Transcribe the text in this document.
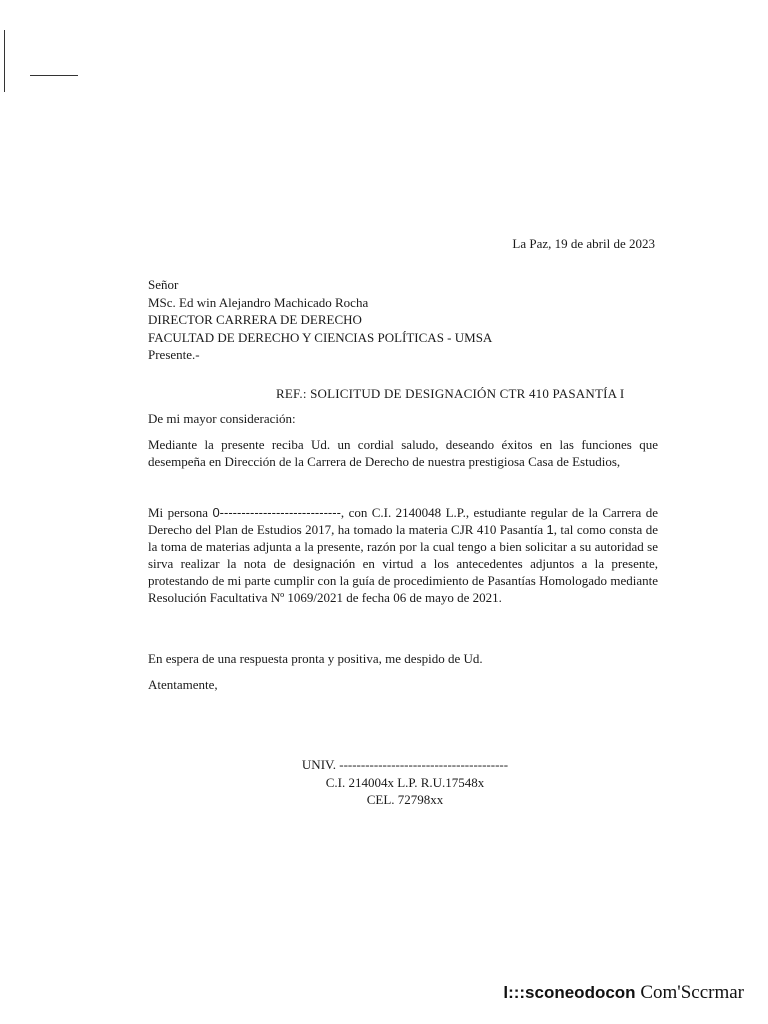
La Paz, 19 de abril de 2023
Señor
MSc. Ed win Alejandro Machicado Rocha
DIRECTOR CARRERA DE DERECHO
FACULTAD DE DERECHO Y CIENCIAS POLÍTICAS - UMSA
Presente.-
REF.: SOLICITUD DE DESIGNACIÓN CTR 410 PASANTÍA I
De mi mayor consideración:
Mediante la presente reciba Ud. un cordial saludo, deseando éxitos en las funciones que desempeña en Dirección de la Carrera de Derecho de nuestra prestigiosa Casa de Estudios,
Mi persona 0----------------------------, con C.I. 2140048 L.P., estudiante regular de la Carrera de Derecho del Plan de Estudios 2017, ha tomado la materia CJR 410 Pasantía 1, tal como consta de la toma de materias adjunta a la presente, razón por la cual tengo a bien solicitar a su autoridad se sirva realizar la nota de designación en virtud a los antecedentes adjuntos a la presente, protestando de mi parte cumplir con la guía de procedimiento de Pasantías Homologado mediante Resolución Facultativa Nº 1069/2021 de fecha 06 de mayo de 2021.
En espera de una respuesta pronta y positiva, me despido de Ud.
Atentamente,
UNIV. ---------------------------------------
C.I. 214004x L.P. R.U.17548x
CEL. 72798xx
l:::sconeodocon Com'Sccrmar
